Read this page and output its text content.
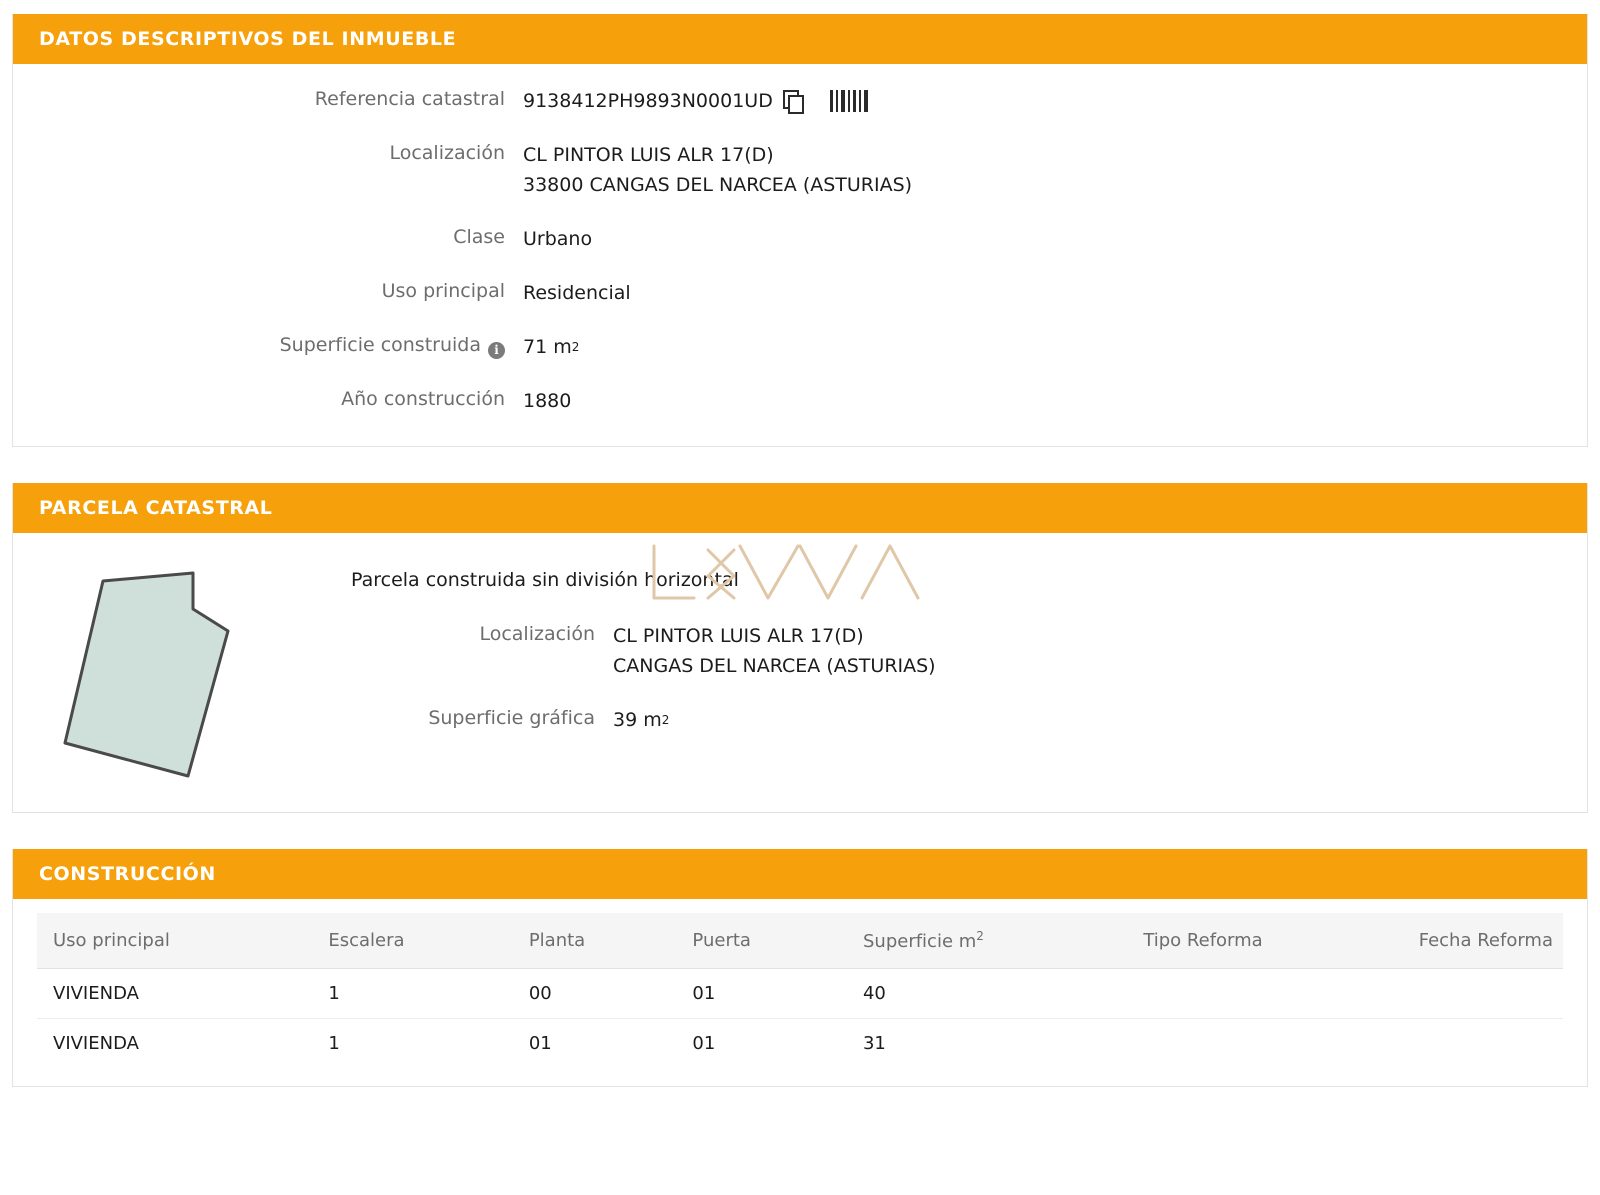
DATOS DESCRIPTIVOS DEL INMUEBLE
Referencia catastral 9138412PH9893N0001UD
Localización CL PINTOR LUIS ALR 17(D)
33800 CANGAS DEL NARCEA (ASTURIAS)
Clase Urbano
Uso principal Residencial
Superficie construida i	71 m 2
Año construcción 1880
PARCELA CATASTRAL
Parcela construida sin división horizontal
Localización CL PINTOR LUIS ALR 17(D)
CANGAS DEL NARCEA (ASTURIAS)
Superficie gráfica 39 m 2
CONSTRUCCIÓN
Uso principal	Escalera	Planta	Puerta	Superficie $m^2$	Tipo Reforma	Fecha Reforma
VIVIENDA	1	00	01	40		
VIVIENDA	1	01	01	31		
